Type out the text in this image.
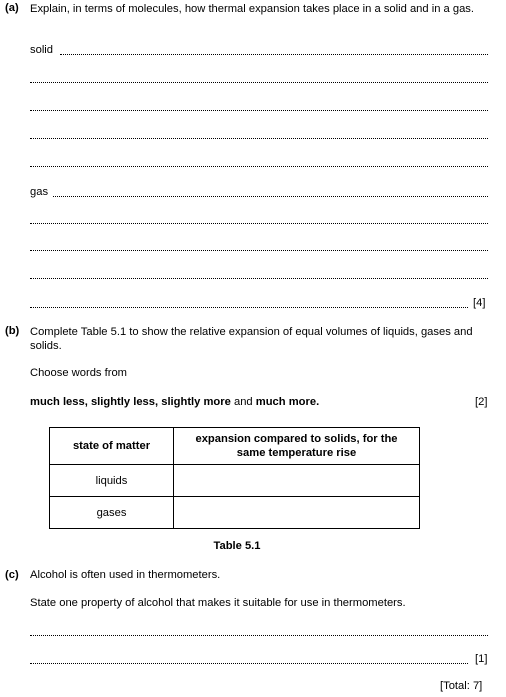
(a) Explain, in terms of molecules, how thermal expansion takes place in a solid and in a gas.
solid
gas
[4]
(b) Complete Table 5.1 to show the relative expansion of equal volumes of liquids, gases and solids.
Choose words from
much less, slightly less, slightly more and much more.	[2]
state of matter	expansion compared to solids, for the same temperature rise
liquids	
gases	
Table 5.1
(c) Alcohol is often used in thermometers.
State one property of alcohol that makes it suitable for use in thermometers.
[1]
[Total: 7]
